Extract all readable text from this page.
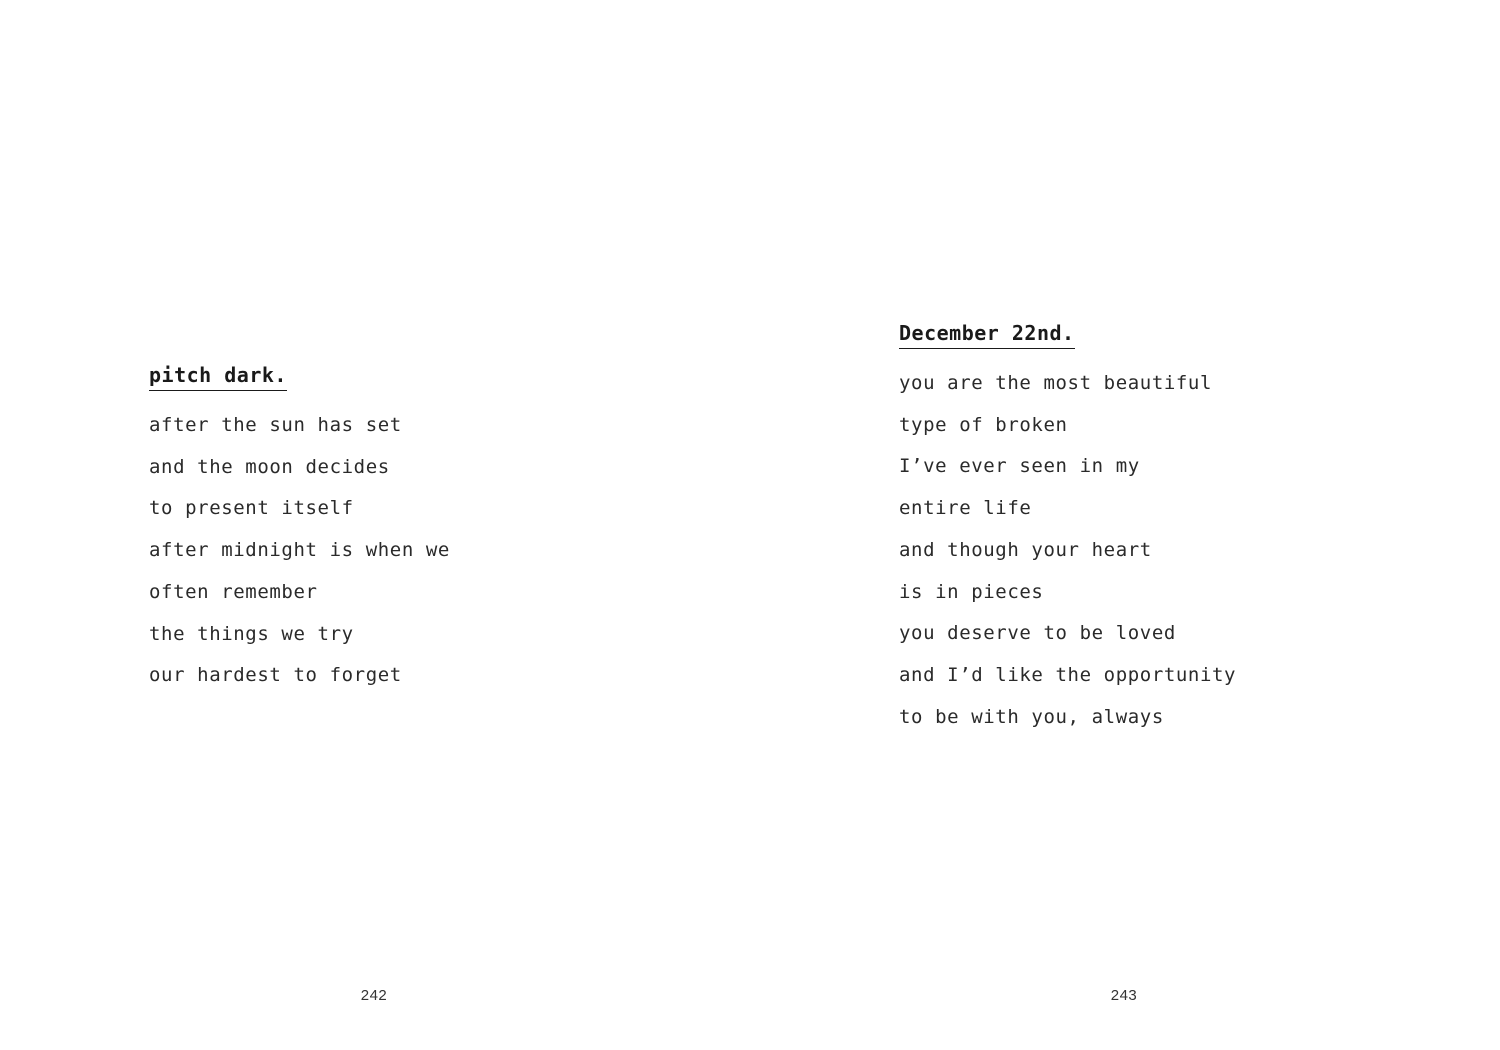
pitch dark.
after the sun has set
and the moon decides
to present itself
after midnight is when we
often remember
the things we try
our hardest to forget
242
December 22nd.
you are the most beautiful
type of broken
I’ve ever seen in my
entire life
and though your heart
is in pieces
you deserve to be loved
and I’d like the opportunity
to be with you, always
243
